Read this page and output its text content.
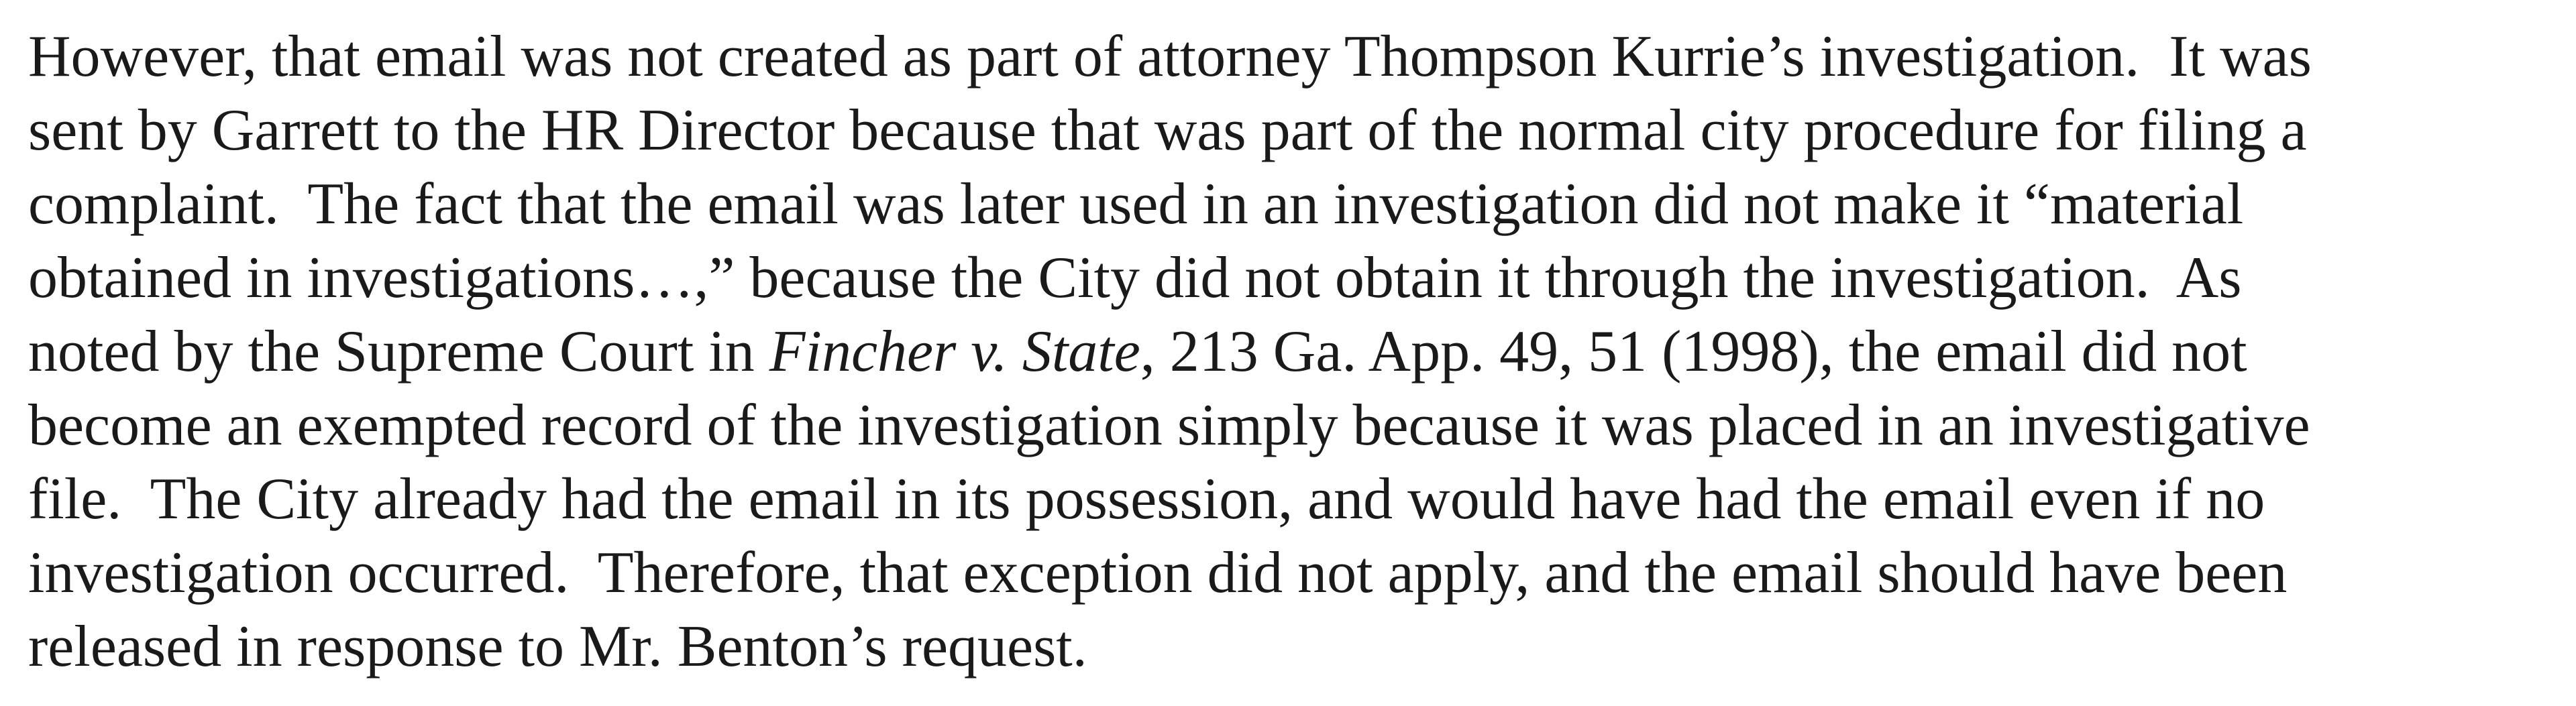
However, that email was not created as part of attorney Thompson Kurrie’s investigation.  It was
sent by Garrett to the HR Director because that was part of the normal city procedure for filing a
complaint.  The fact that the email was later used in an investigation did not make it “material
obtained in investigations…,” because the City did not obtain it through the investigation.  As
noted by the Supreme Court in Fincher v. State, 213 Ga. App. 49, 51 (1998), the email did not
become an exempted record of the investigation simply because it was placed in an investigative
file.  The City already had the email in its possession, and would have had the email even if no
investigation occurred.  Therefore, that exception did not apply, and the email should have been
released in response to Mr. Benton’s request.
